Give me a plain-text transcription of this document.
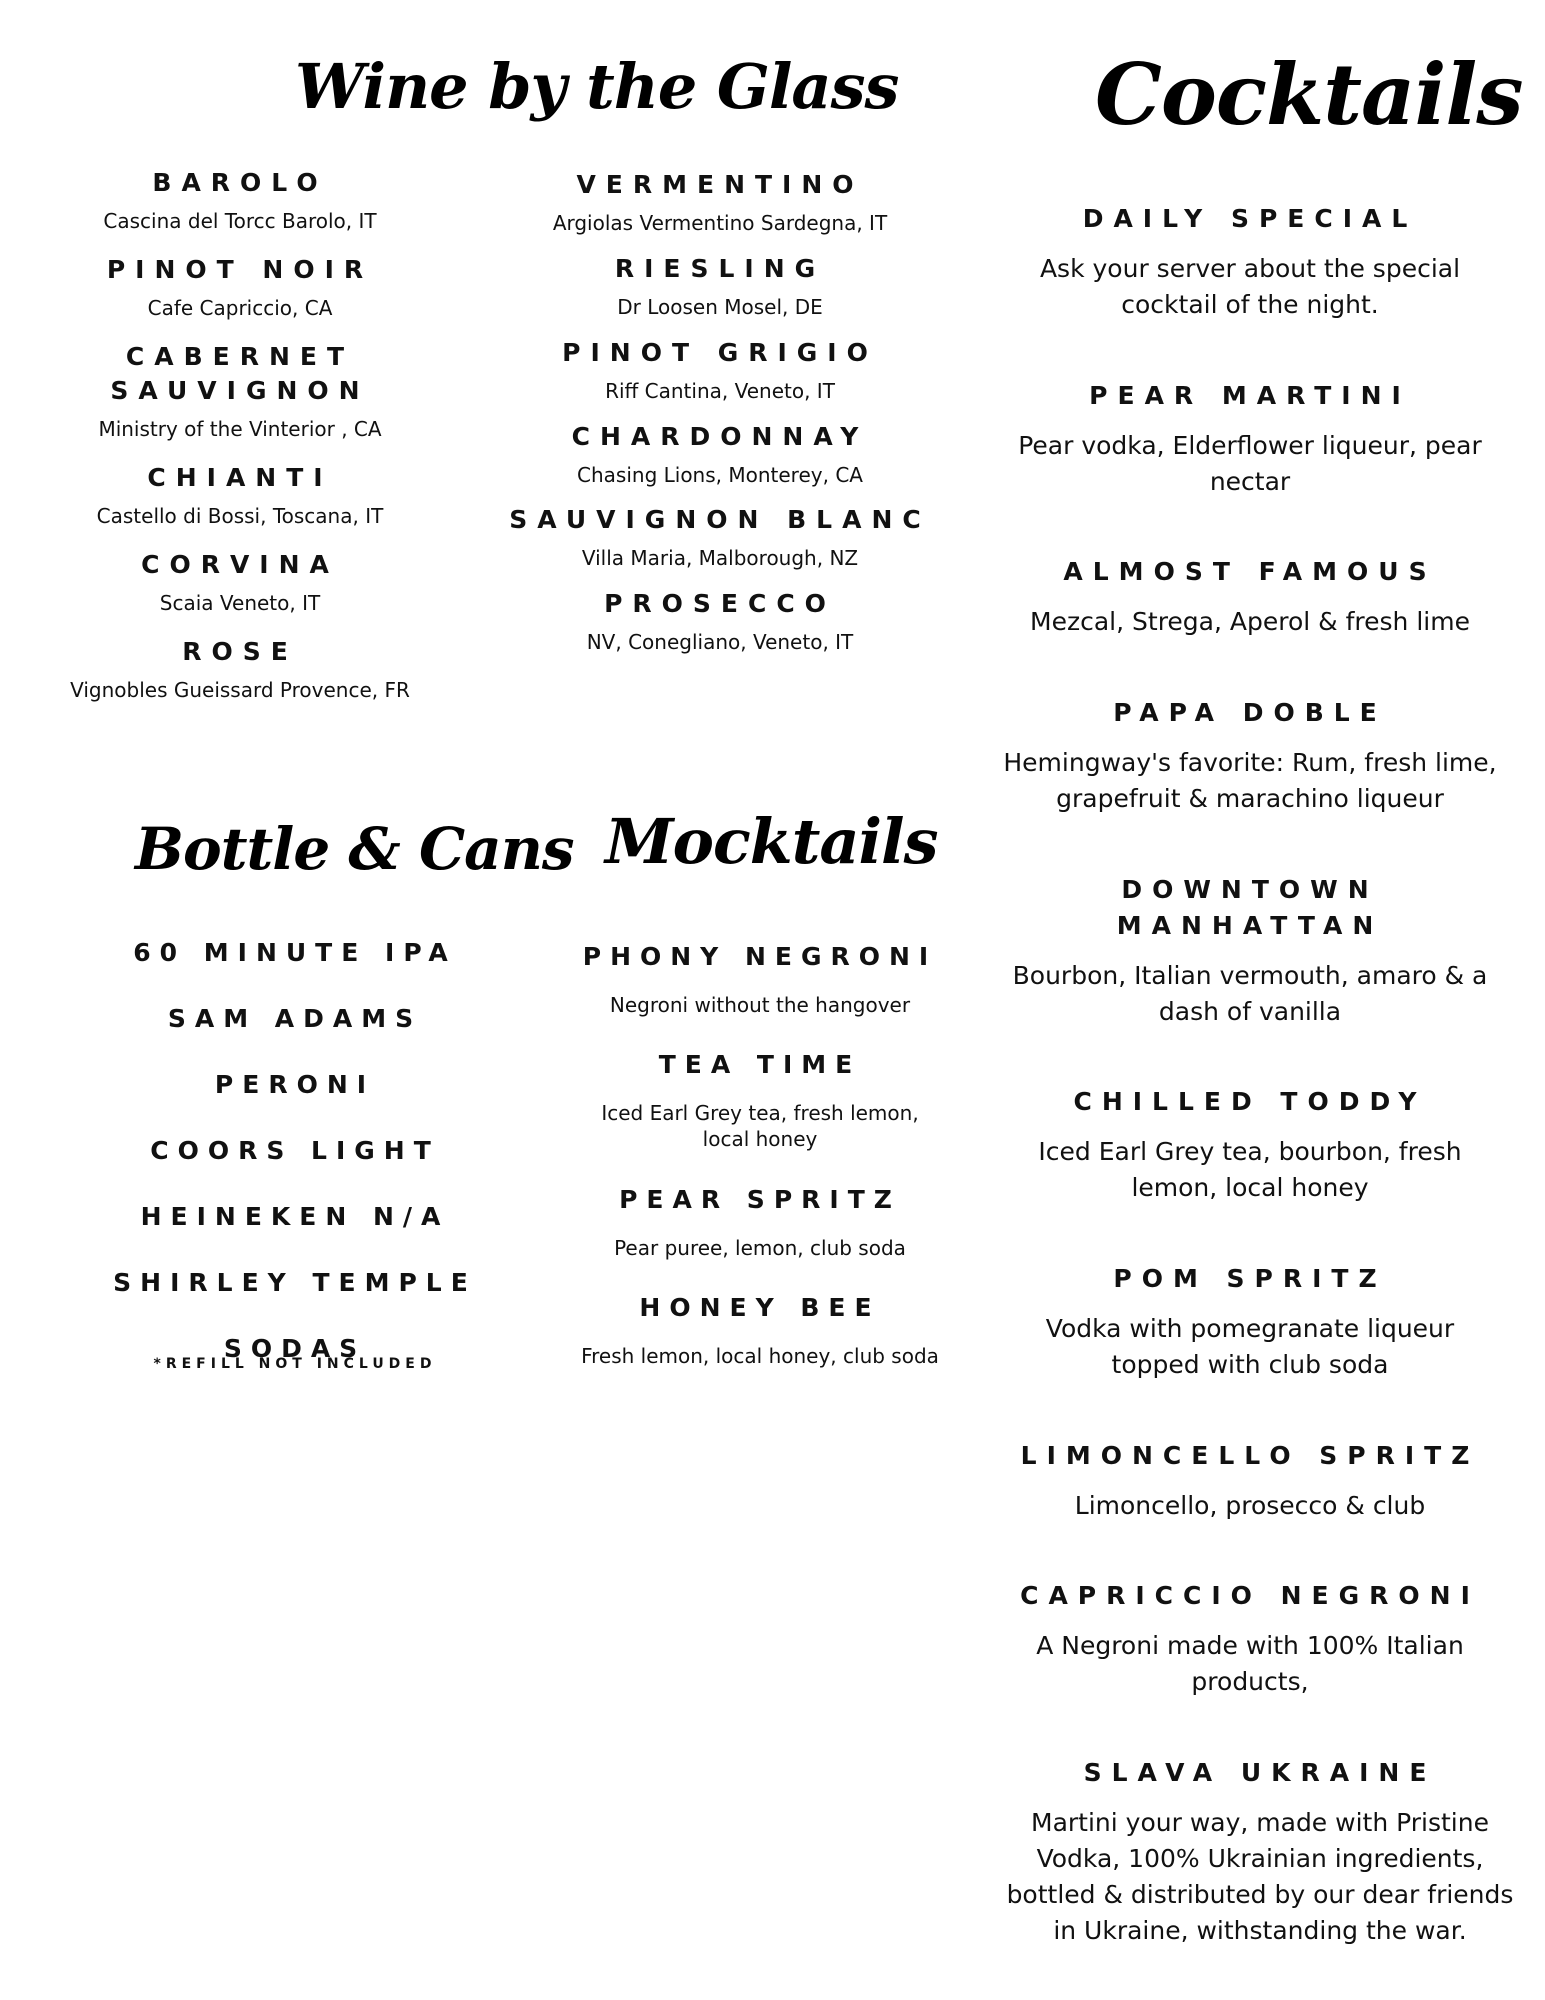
Wine by the Glass Cocktails
Bottle & Cans Mocktails
BAROLO
Cascina del Torcc Barolo, IT
PINOT NOIR
Cafe Capriccio, CA
CABERNET SAUVIGNON
Ministry of the Vinterior , CA
CHIANTI
Castello di Bossi, Toscana, IT
CORVINA
Scaia Veneto, IT
ROSE
Vignobles Gueissard Provence, FR
VERMENTINO
Argiolas Vermentino Sardegna, IT
RIESLING
Dr Loosen Mosel, DE
PINOT GRIGIO
Riff Cantina, Veneto, IT
CHARDONNAY
Chasing Lions, Monterey, CA
SAUVIGNON BLANC
Villa Maria, Malborough, NZ
PROSECCO
NV, Conegliano, Veneto, IT
60 MINUTE IPA
SAM ADAMS
PERONI
COORS LIGHT
HEINEKEN N/A
SHIRLEY TEMPLE
SODAS
*REFILL NOT INCLUDED
PHONY NEGRONI
Negroni without the hangover
TEA TIME
Iced Earl Grey tea, fresh lemon, local honey
PEAR SPRITZ
Pear puree, lemon, club soda
HONEY BEE
Fresh lemon, local honey, club soda
DAILY SPECIAL
Ask your server about the special cocktail of the night.
PEAR MARTINI
Pear vodka, Elderflower liqueur, pear nectar
ALMOST FAMOUS
Mezcal, Strega, Aperol & fresh lime
PAPA DOBLE
Hemingway's favorite: Rum, fresh lime, grapefruit & marachino liqueur
DOWNTOWN MANHATTAN
Bourbon, Italian vermouth, amaro & a dash of vanilla
CHILLED TODDY
Iced Earl Grey tea, bourbon, fresh lemon, local honey
POM SPRITZ
Vodka with pomegranate liqueur topped with club soda
LIMONCELLO SPRITZ
Limoncello, prosecco & club
CAPRICCIO NEGRONI
A Negroni made with 100% Italian products,
SLAVA UKRAINE
Martini your way, made with Pristine Vodka, 100% Ukrainian ingredients, bottled & distributed by our dear friends in Ukraine, withstanding the war.
